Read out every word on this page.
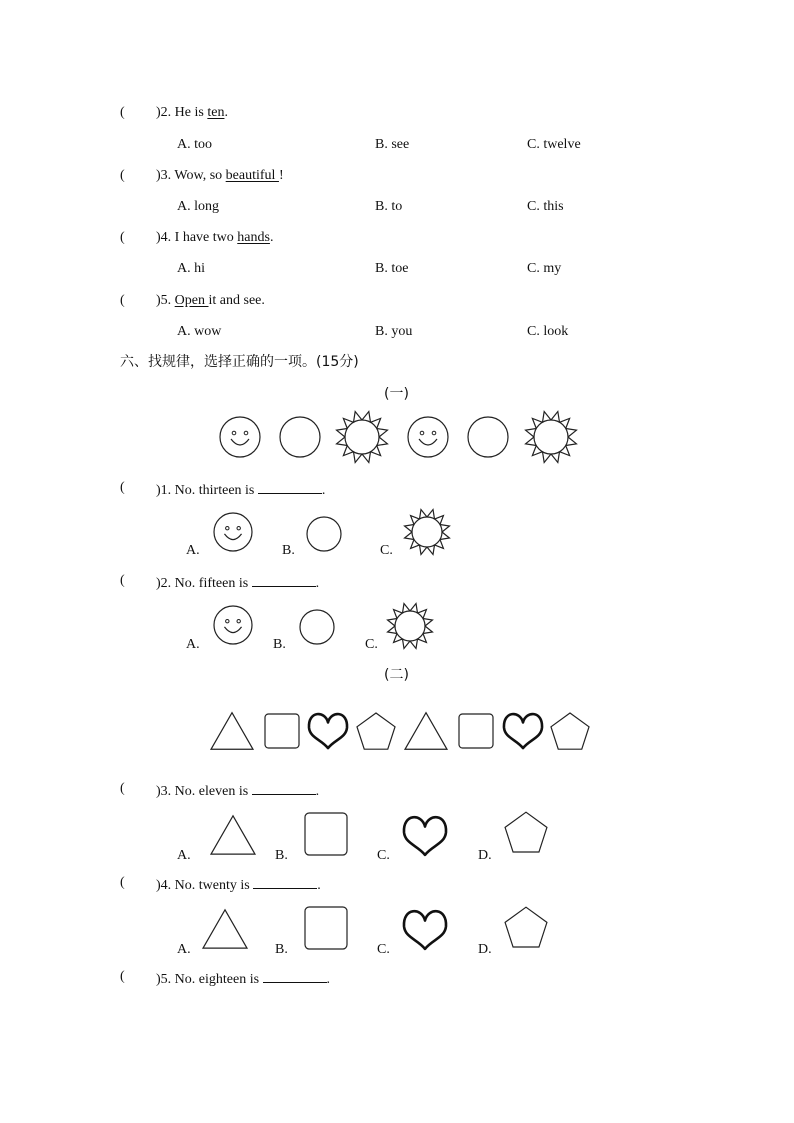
( )2. He is ten.
A. too	B. see	C. twelve
( )3. Wow, so beautiful !
A. long	B. to	C. this
( )4. I have two hands.
A. hi	B. toe	C. my
( )5. Open it and see.
A. wow	B. you	C. look
六、找规律，选择正确的一项。(15分)
(一)
( )1. No. thirteen is	.
A.	B.	C.
( )2. No. fifteen is	.
A.	B.	C.
(二)
( )3. No. eleven is	.
A.	B.	C.	D.
( )4. No. twenty is	.
A.	B.	C.	D.
( )5. No. eighteen is	.
